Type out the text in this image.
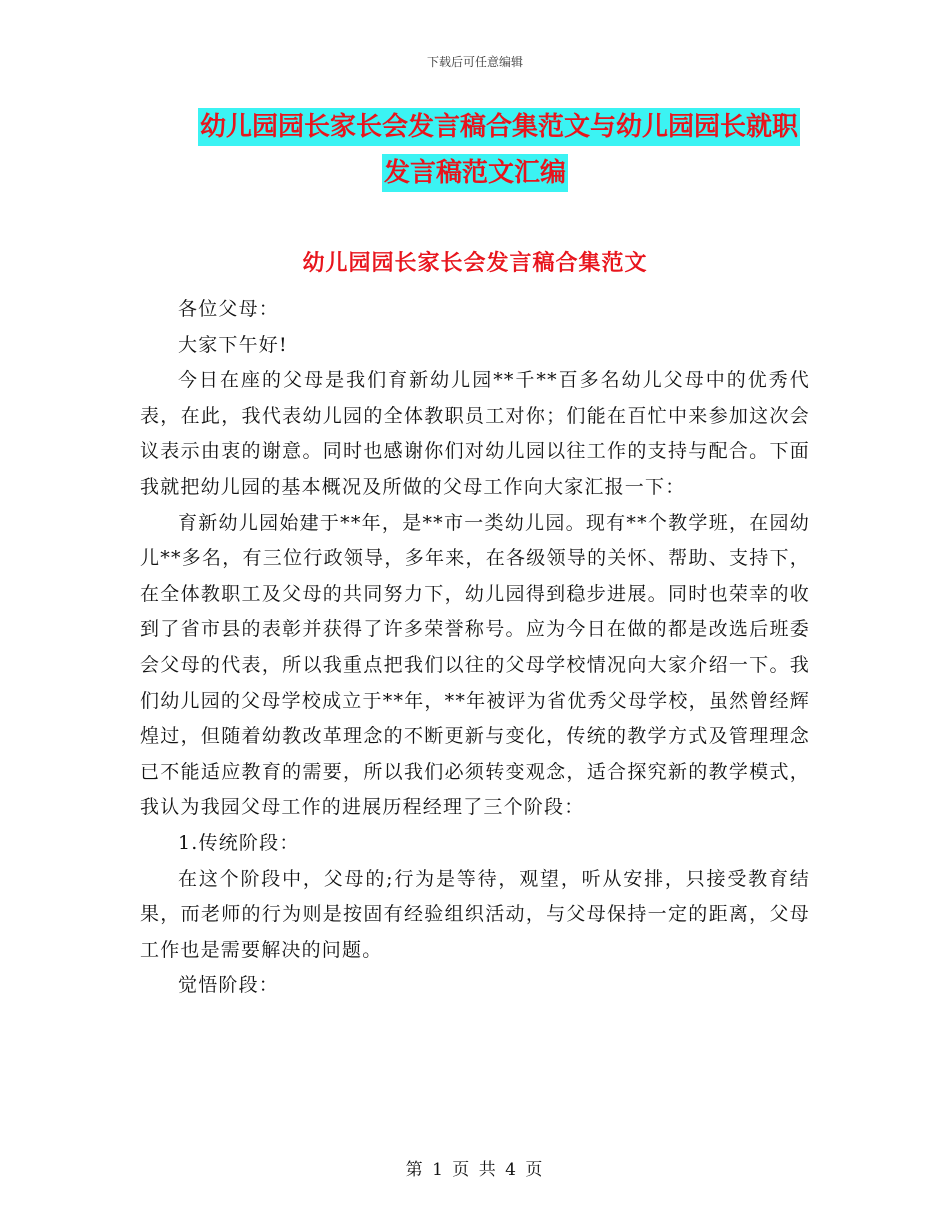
下载后可任意编辑
幼儿园园长家长会发言稿合集范文与幼儿园园长就职
发言稿范文汇编
幼儿园园长家长会发言稿合集范文

各位父母：

大家下午好!

今日在座的父母是我们育新幼儿园**千**百多名幼儿父母中的优秀代表，在此，我代表幼儿园的全体教职员工对你；们能在百忙中来参加这次会议表示由衷的谢意。同时也感谢你们对幼儿园以往工作的支持与配合。下面我就把幼儿园的基本概况及所做的父母工作向大家汇报一下：

育新幼儿园始建于**年，是**市一类幼儿园。现有**个教学班，在园幼儿**多名，有三位行政领导，多年来，在各级领导的关怀、帮助、支持下，在全体教职工及父母的共同努力下，幼儿园得到稳步进展。同时也荣幸的收到了省市县的表彰并获得了许多荣誉称号。应为今日在做的都是改选后班委会父母的代表，所以我重点把我们以往的父母学校情况向大家介绍一下。我们幼儿园的父母学校成立于**年，**年被评为省优秀父母学校，虽然曾经辉煌过，但随着幼教改革理念的不断更新与变化，传统的教学方式及管理理念已不能适应教育的需要，所以我们必须转变观念，适合探究新的教学模式，我认为我园父母工作的进展历程经理了三个阶段：

1.传统阶段：

在这个阶段中，父母的;行为是等待，观望，听从安排，只接受教育结果，而老师的行为则是按固有经验组织活动，与父母保持一定的距离，父母工作也是需要解决的问题。

觉悟阶段：

第 1 页 共 4 页
